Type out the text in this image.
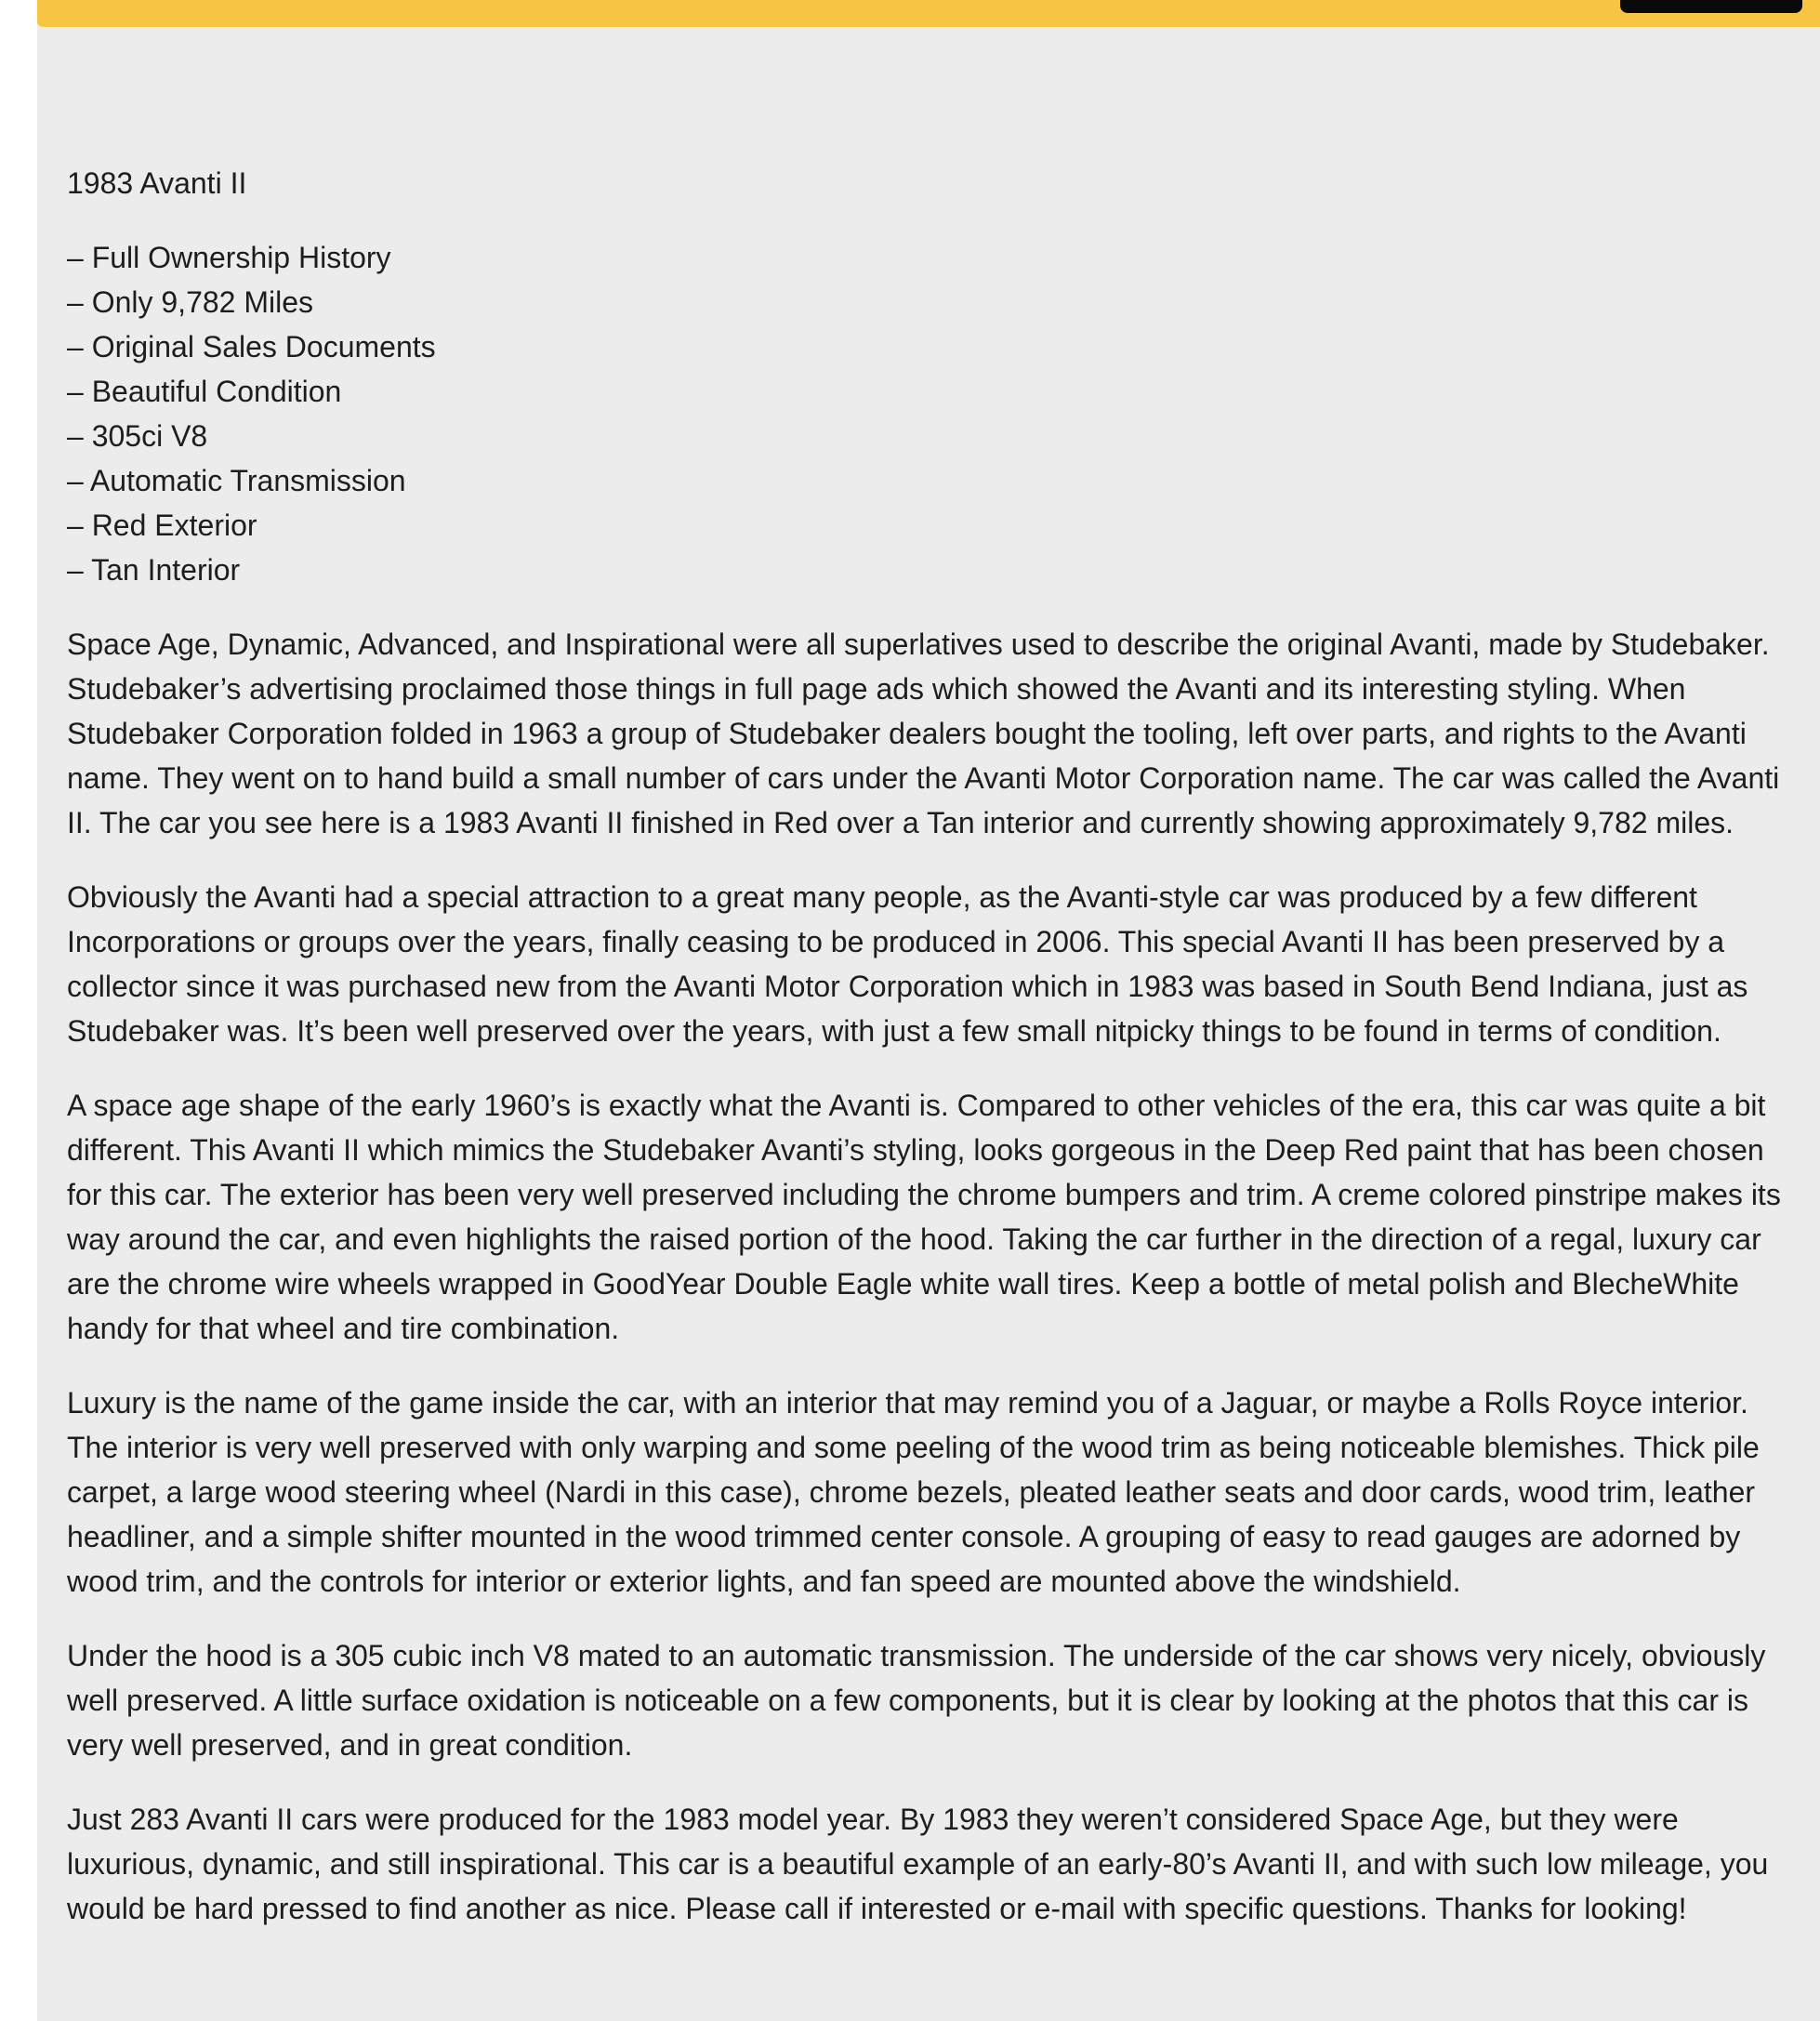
1983 Avanti II

– Full Ownership History
– Only 9,782 Miles
– Original Sales Documents
– Beautiful Condition
– 305ci V8
– Automatic Transmission
– Red Exterior
– Tan Interior

Space Age, Dynamic, Advanced, and Inspirational were all superlatives used to describe the original Avanti, made by Studebaker. Studebaker’s advertising proclaimed those things in full page ads which showed the Avanti and its interesting styling. When Studebaker Corporation folded in 1963 a group of Studebaker dealers bought the tooling, left over parts, and rights to the Avanti name. They went on to hand build a small number of cars under the Avanti Motor Corporation name. The car was called the Avanti II. The car you see here is a 1983 Avanti II finished in Red over a Tan interior and currently showing approximately 9,782 miles.

Obviously the Avanti had a special attraction to a great many people, as the Avanti-style car was produced by a few different Incorporations or groups over the years, finally ceasing to be produced in 2006. This special Avanti II has been preserved by a collector since it was purchased new from the Avanti Motor Corporation which in 1983 was based in South Bend Indiana, just as Studebaker was. It’s been well preserved over the years, with just a few small nitpicky things to be found in terms of condition.

A space age shape of the early 1960’s is exactly what the Avanti is. Compared to other vehicles of the era, this car was quite a bit different. This Avanti II which mimics the Studebaker Avanti’s styling, looks gorgeous in the Deep Red paint that has been chosen for this car. The exterior has been very well preserved including the chrome bumpers and trim. A creme colored pinstripe makes its way around the car, and even highlights the raised portion of the hood. Taking the car further in the direction of a regal, luxury car are the chrome wire wheels wrapped in GoodYear Double Eagle white wall tires. Keep a bottle of metal polish and BlecheWhite handy for that wheel and tire combination.

Luxury is the name of the game inside the car, with an interior that may remind you of a Jaguar, or maybe a Rolls Royce interior. The interior is very well preserved with only warping and some peeling of the wood trim as being noticeable blemishes. Thick pile carpet, a large wood steering wheel (Nardi in this case), chrome bezels, pleated leather seats and door cards, wood trim, leather headliner, and a simple shifter mounted in the wood trimmed center console. A grouping of easy to read gauges are adorned by wood trim, and the controls for interior or exterior lights, and fan speed are mounted above the windshield.

Under the hood is a 305 cubic inch V8 mated to an automatic transmission. The underside of the car shows very nicely, obviously well preserved. A little surface oxidation is noticeable on a few components, but it is clear by looking at the photos that this car is very well preserved, and in great condition.

Just 283 Avanti II cars were produced for the 1983 model year. By 1983 they weren’t considered Space Age, but they were luxurious, dynamic, and still inspirational. This car is a beautiful example of an early-80’s Avanti II, and with such low mileage, you would be hard pressed to find another as nice. Please call if interested or e-mail with specific questions. Thanks for looking!
